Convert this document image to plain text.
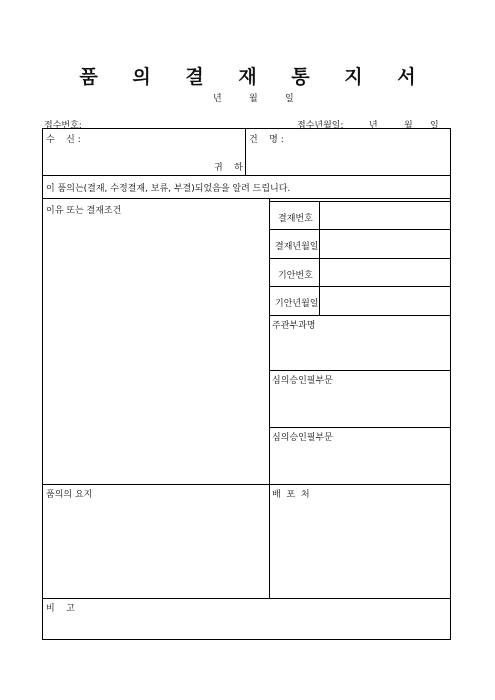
품 의 결 재 통 지 서
년	월	일
접수번호:	접수년월일:	년	월 일
수    신 :
귀    하
건    명 :
이 품의는(결재, 수정결재, 보류, 부결)되었음을 알려 드립니다.
이유 또는 결재조건
결재번호
결재년월일
기안번호
기안년월일
주관부과명
심의승인필부문
심의승인필부문
품의의 요지	배  포  처
비    고
